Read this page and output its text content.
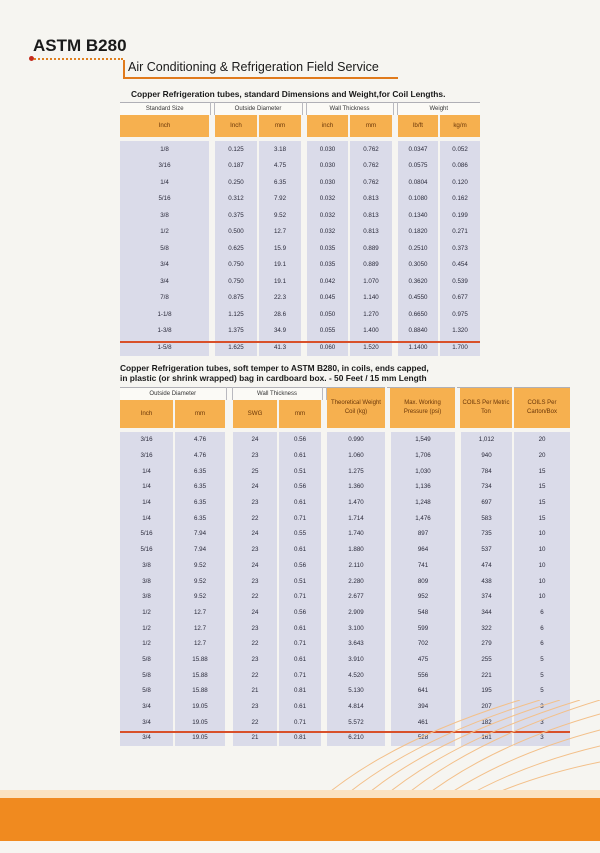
ASTM B280
Air Conditioning & Refrigeration Field Service
Copper Refrigeration tubes, standard Dimensions and Weight,for Coil Lengths.
Standard Size		Outside Diameter			Wall Thickness			Weight	
Inch		Inch	mm		inch	mm		lb/ft	kg/m

1/8		0.125	3.18		0.030	0.762		0.0347	0.052
3/16		0.187	4.75		0.030	0.762		0.0575	0.086
1/4		0.250	6.35		0.030	0.762		0.0804	0.120
5/16		0.312	7.92		0.032	0.813		0.1080	0.162
3/8		0.375	9.52		0.032	0.813		0.1340	0.199
1/2		0.500	12.7		0.032	0.813		0.1820	0.271
5/8		0.625	15.9		0.035	0.889		0.2510	0.373
3/4		0.750	19.1		0.035	0.889		0.3050	0.454
3/4		0.750	19.1		0.042	1.070		0.3620	0.539
7/8		0.875	22.3		0.045	1.140		0.4550	0.677
1-1/8		1.125	28.6		0.050	1.270		0.6650	0.975
1-3/8		1.375	34.9		0.055	1.400		0.8840	1.320
1-5/8		1.625	41.3		0.060	1.520		1.1400	1.700
Copper Refrigeration tubes, soft temper to ASTM B280, in coils, ends capped,
in plastic (or shrink wrapped) bag in cardboard box. - 50 Feet / 15 mm Length
Outside Diameter			Wall Thickness			Theoretical Weight Coil (kg)		Max. Working Pressure (psi)		COILS Per Metric Ton	COILS Per Carton/Box
Inch	mm		SWG	mm							

3/16	4.76		24	0.56		0.990		1,549		1,012	20
3/16	4.76		23	0.61		1.060		1,706		940	20
1/4	6.35		25	0.51		1.275		1,030		784	15
1/4	6.35		24	0.56		1.360		1,136		734	15
1/4	6.35		23	0.61		1.470		1,248		697	15
1/4	6.35		22	0.71		1.714		1,476		583	15
5/16	7.94		24	0.55		1.740		897		735	10
5/16	7.94		23	0.61		1.880		964		537	10
3/8	9.52		24	0.56		2.110		741		474	10
3/8	9.52		23	0.51		2.280		809		438	10
3/8	9.52		22	0.71		2.677		952		374	10
1/2	12.7		24	0.56		2.909		548		344	6
1/2	12.7		23	0.61		3.100		599		322	6
1/2	12.7		22	0.71		3.643		702		279	6
5/8	15.88		23	0.61		3.910		475		255	5
5/8	15.88		22	0.71		4.520		556		221	5
5/8	15.88		21	0.81		5.130		641		195	5
3/4	19.05		23	0.61		4.814		394		207	3
3/4	19.05		22	0.71		5.572		461		182	3
3/4	19.05		21	0.81		6.210		528		161	3
